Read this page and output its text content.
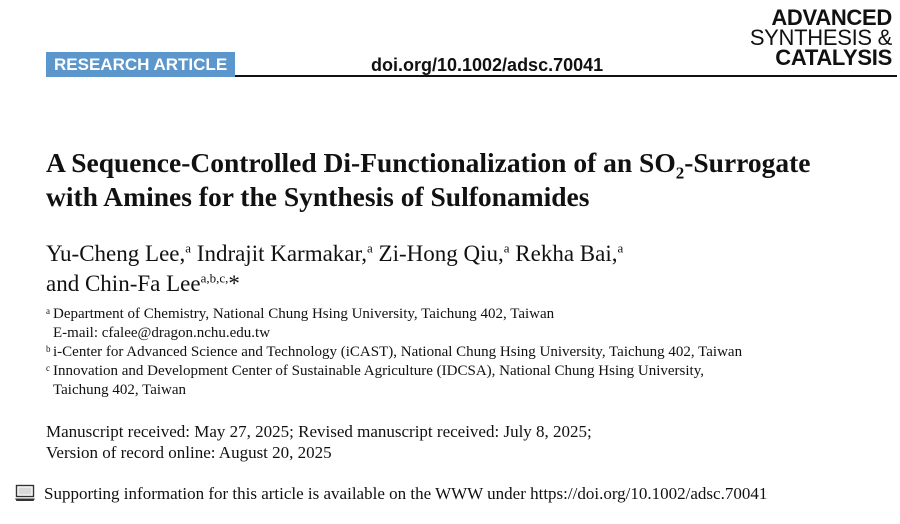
RESEARCH ARTICLE	doi.org/10.1002/adsc.70041
ADVANCED
SYNTHESIS &
CATALYSIS
A Sequence-Controlled Di-Functionalization of an $SO_2$-Surrogate
with Amines for the Synthesis of Sulfonamides
Yu-Cheng Lee,$^a$ Indrajit Karmakar,$^a$ Zi-Hong Qiu,$^a$ Rekha Bai,$^a$
and Chin-Fa Lee$^{a,b,c,}$*
a Department of Chemistry, National Chung Hsing University, Taichung 402, Taiwan
E-mail: cfalee@dragon.nchu.edu.tw
b i-Center for Advanced Science and Technology (iCAST), National Chung Hsing University, Taichung 402, Taiwan
c Innovation and Development Center of Sustainable Agriculture (IDCSA), National Chung Hsing University,
Taichung 402, Taiwan
Manuscript received: May 27, 2025; Revised manuscript received: July 8, 2025;
Version of record online: August 20, 2025
Supporting information for this article is available on the WWW under https://doi.org/10.1002/adsc.70041
